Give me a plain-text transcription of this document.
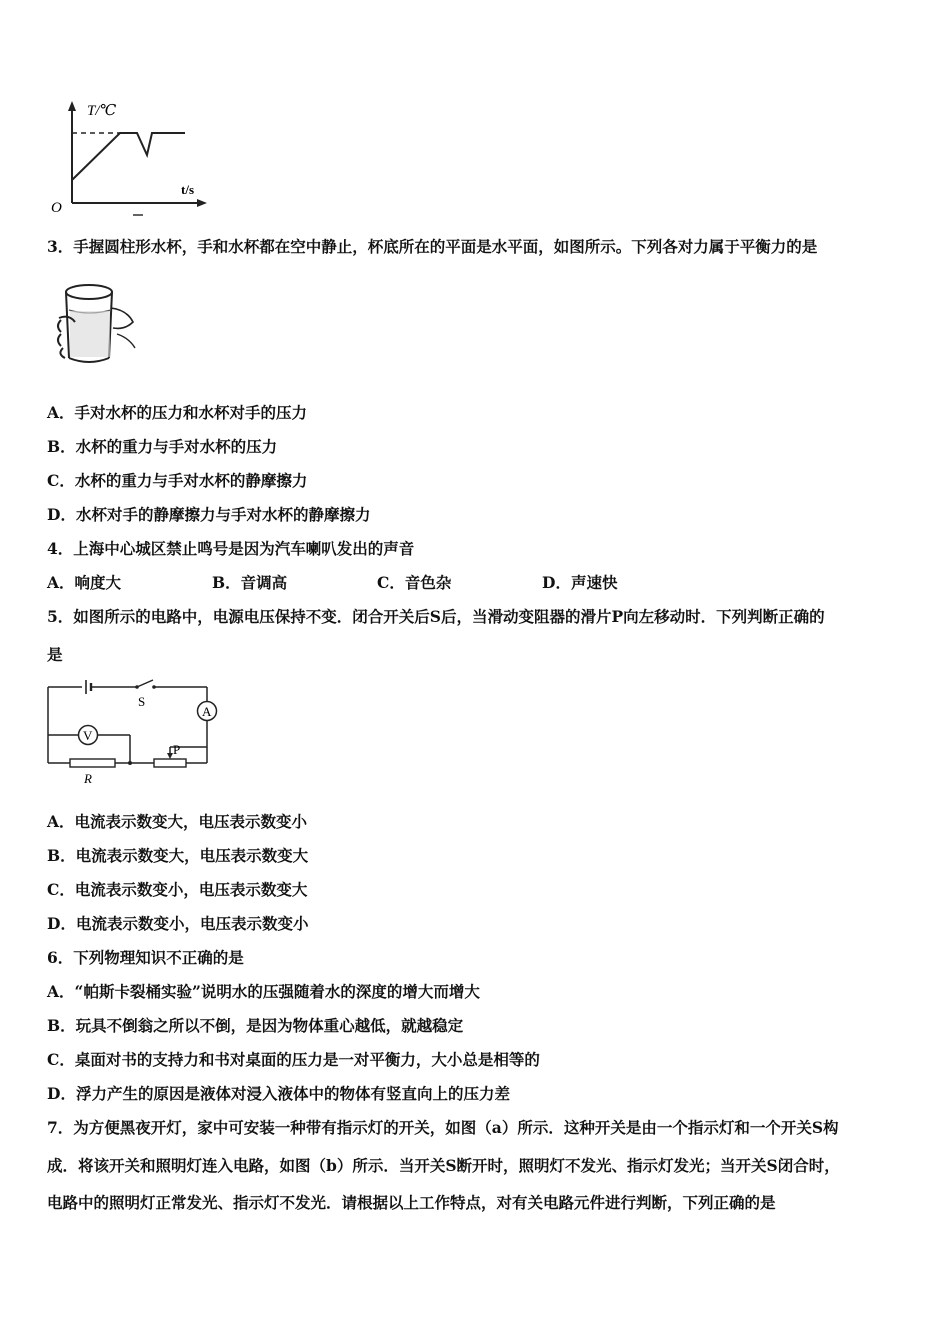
T/℃
t/s
O
3．手握圆柱形水杯，手和水杯都在空中静止，杯底所在的平面是水平面，如图所示。下列各对力属于平衡力的是
A．手对水杯的压力和水杯对手的压力
B．水杯的重力与手对水杯的压力
C．水杯的重力与手对水杯的静摩擦力
D．水杯对手的静摩擦力与手对水杯的静摩擦力
4．上海中心城区禁止鸣号是因为汽车喇叭发出的声音
A．响度大	B．音调高	C．音色杂	D．声速快
5．如图所示的电路中，电源电压保持不变．闭合开关后S后，当滑动变阻器的滑片P向左移动时．下列判断正确的
是
S
A
V
R
P
A．电流表示数变大，电压表示数变小
B．电流表示数变大，电压表示数变大
C．电流表示数变小，电压表示数变大
D．电流表示数变小，电压表示数变小
6．下列物理知识不正确的是
A．“帕斯卡裂桶实验”说明水的压强随着水的深度的增大而增大
B．玩具不倒翁之所以不倒，是因为物体重心越低，就越稳定
C．桌面对书的支持力和书对桌面的压力是一对平衡力，大小总是相等的
D．浮力产生的原因是液体对浸入液体中的物体有竖直向上的压力差
7．为方便黑夜开灯，家中可安装一种带有指示灯的开关，如图（a）所示．这种开关是由一个指示灯和一个开关S构
成．将该开关和照明灯连入电路，如图（b）所示．当开关S断开时，照明灯不发光、指示灯发光；当开关S闭合时，
电路中的照明灯正常发光、指示灯不发光．请根据以上工作特点，对有关电路元件进行判断，下列正确的是
